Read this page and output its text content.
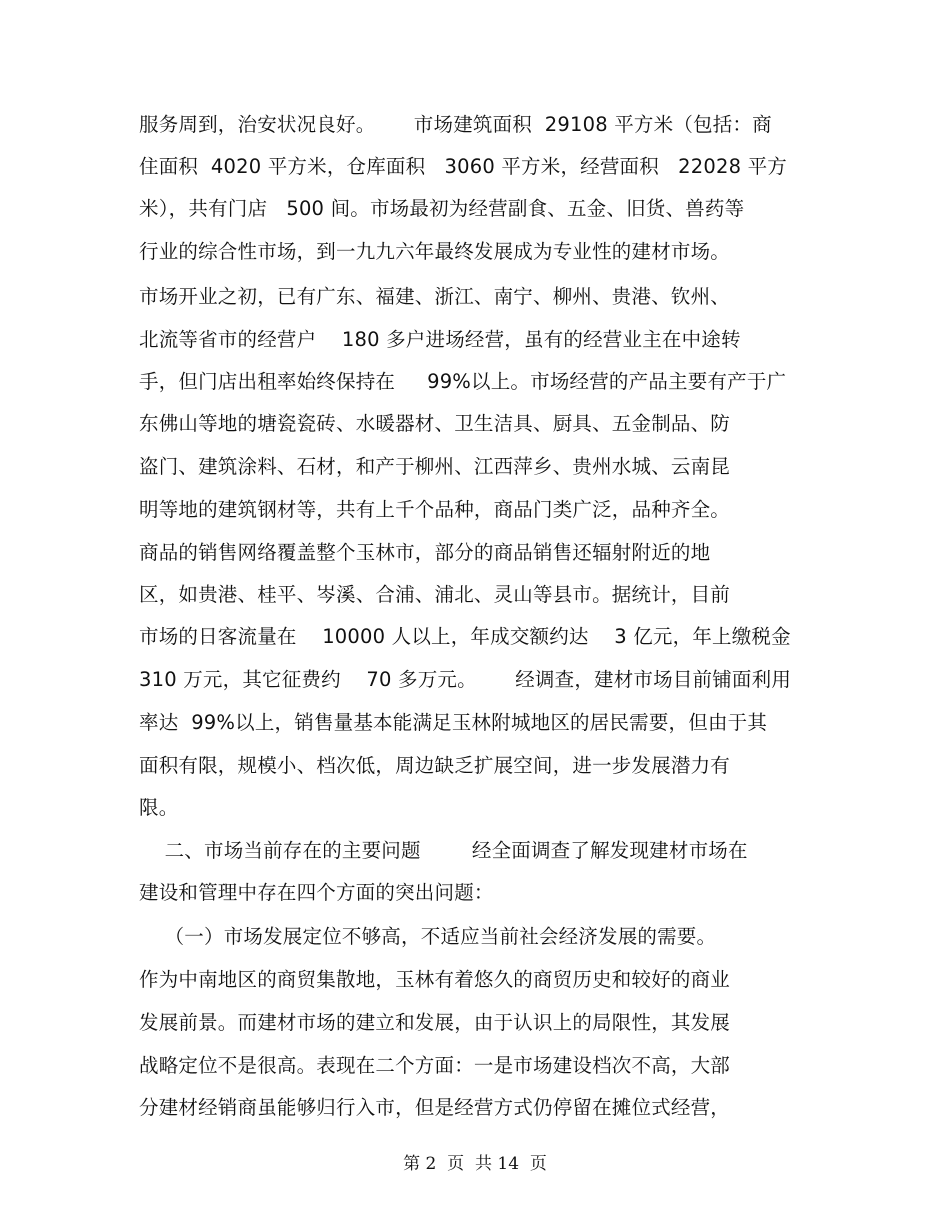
服务周到，治安状况良好。      市场建筑面积  29108 平方米（包括：商
住面积  4020 平方米，仓库面积   3060 平方米，经营面积   22028 平方
米），共有门店   500 间。市场最初为经营副食、五金、旧货、兽药等
行业的综合性市场，到一九九六年最终发展成为专业性的建材市场。
市场开业之初，已有广东、福建、浙江、南宁、柳州、贵港、钦州、
北流等省市的经营户    180 多户进场经营，虽有的经营业主在中途转
手，但门店出租率始终保持在     99%以上。市场经营的产品主要有产于广
东佛山等地的塘瓷瓷砖、水暖器材、卫生洁具、厨具、五金制品、防
盗门、建筑涂料、石材，和产于柳州、江西萍乡、贵州水城、云南昆
明等地的建筑钢材等，共有上千个品种，商品门类广泛，品种齐全。
商品的销售网络覆盖整个玉林市，部分的商品销售还辐射附近的地
区，如贵港、桂平、岑溪、合浦、浦北、灵山等县市。据统计，目前
市场的日客流量在    10000 人以上，年成交额约达    3 亿元，年上缴税金
310 万元，其它征费约    70 多万元。      经调查，建材市场目前铺面利用
率达  99%以上，销售量基本能满足玉林附城地区的居民需要，但由于其
面积有限，规模小、档次低，周边缺乏扩展空间，进一步发展潜力有
限。
二、市场当前存在的主要问题        经全面调查了解发现建材市场在
建设和管理中存在四个方面的突出问题：
（一）市场发展定位不够高，不适应当前社会经济发展的需要。
作为中南地区的商贸集散地，玉林有着悠久的商贸历史和较好的商业
发展前景。而建材市场的建立和发展，由于认识上的局限性，其发展
战略定位不是很高。表现在二个方面：一是市场建设档次不高，大部
分建材经销商虽能够归行入市，但是经营方式仍停留在摊位式经营，
第 2  页  共 14  页
